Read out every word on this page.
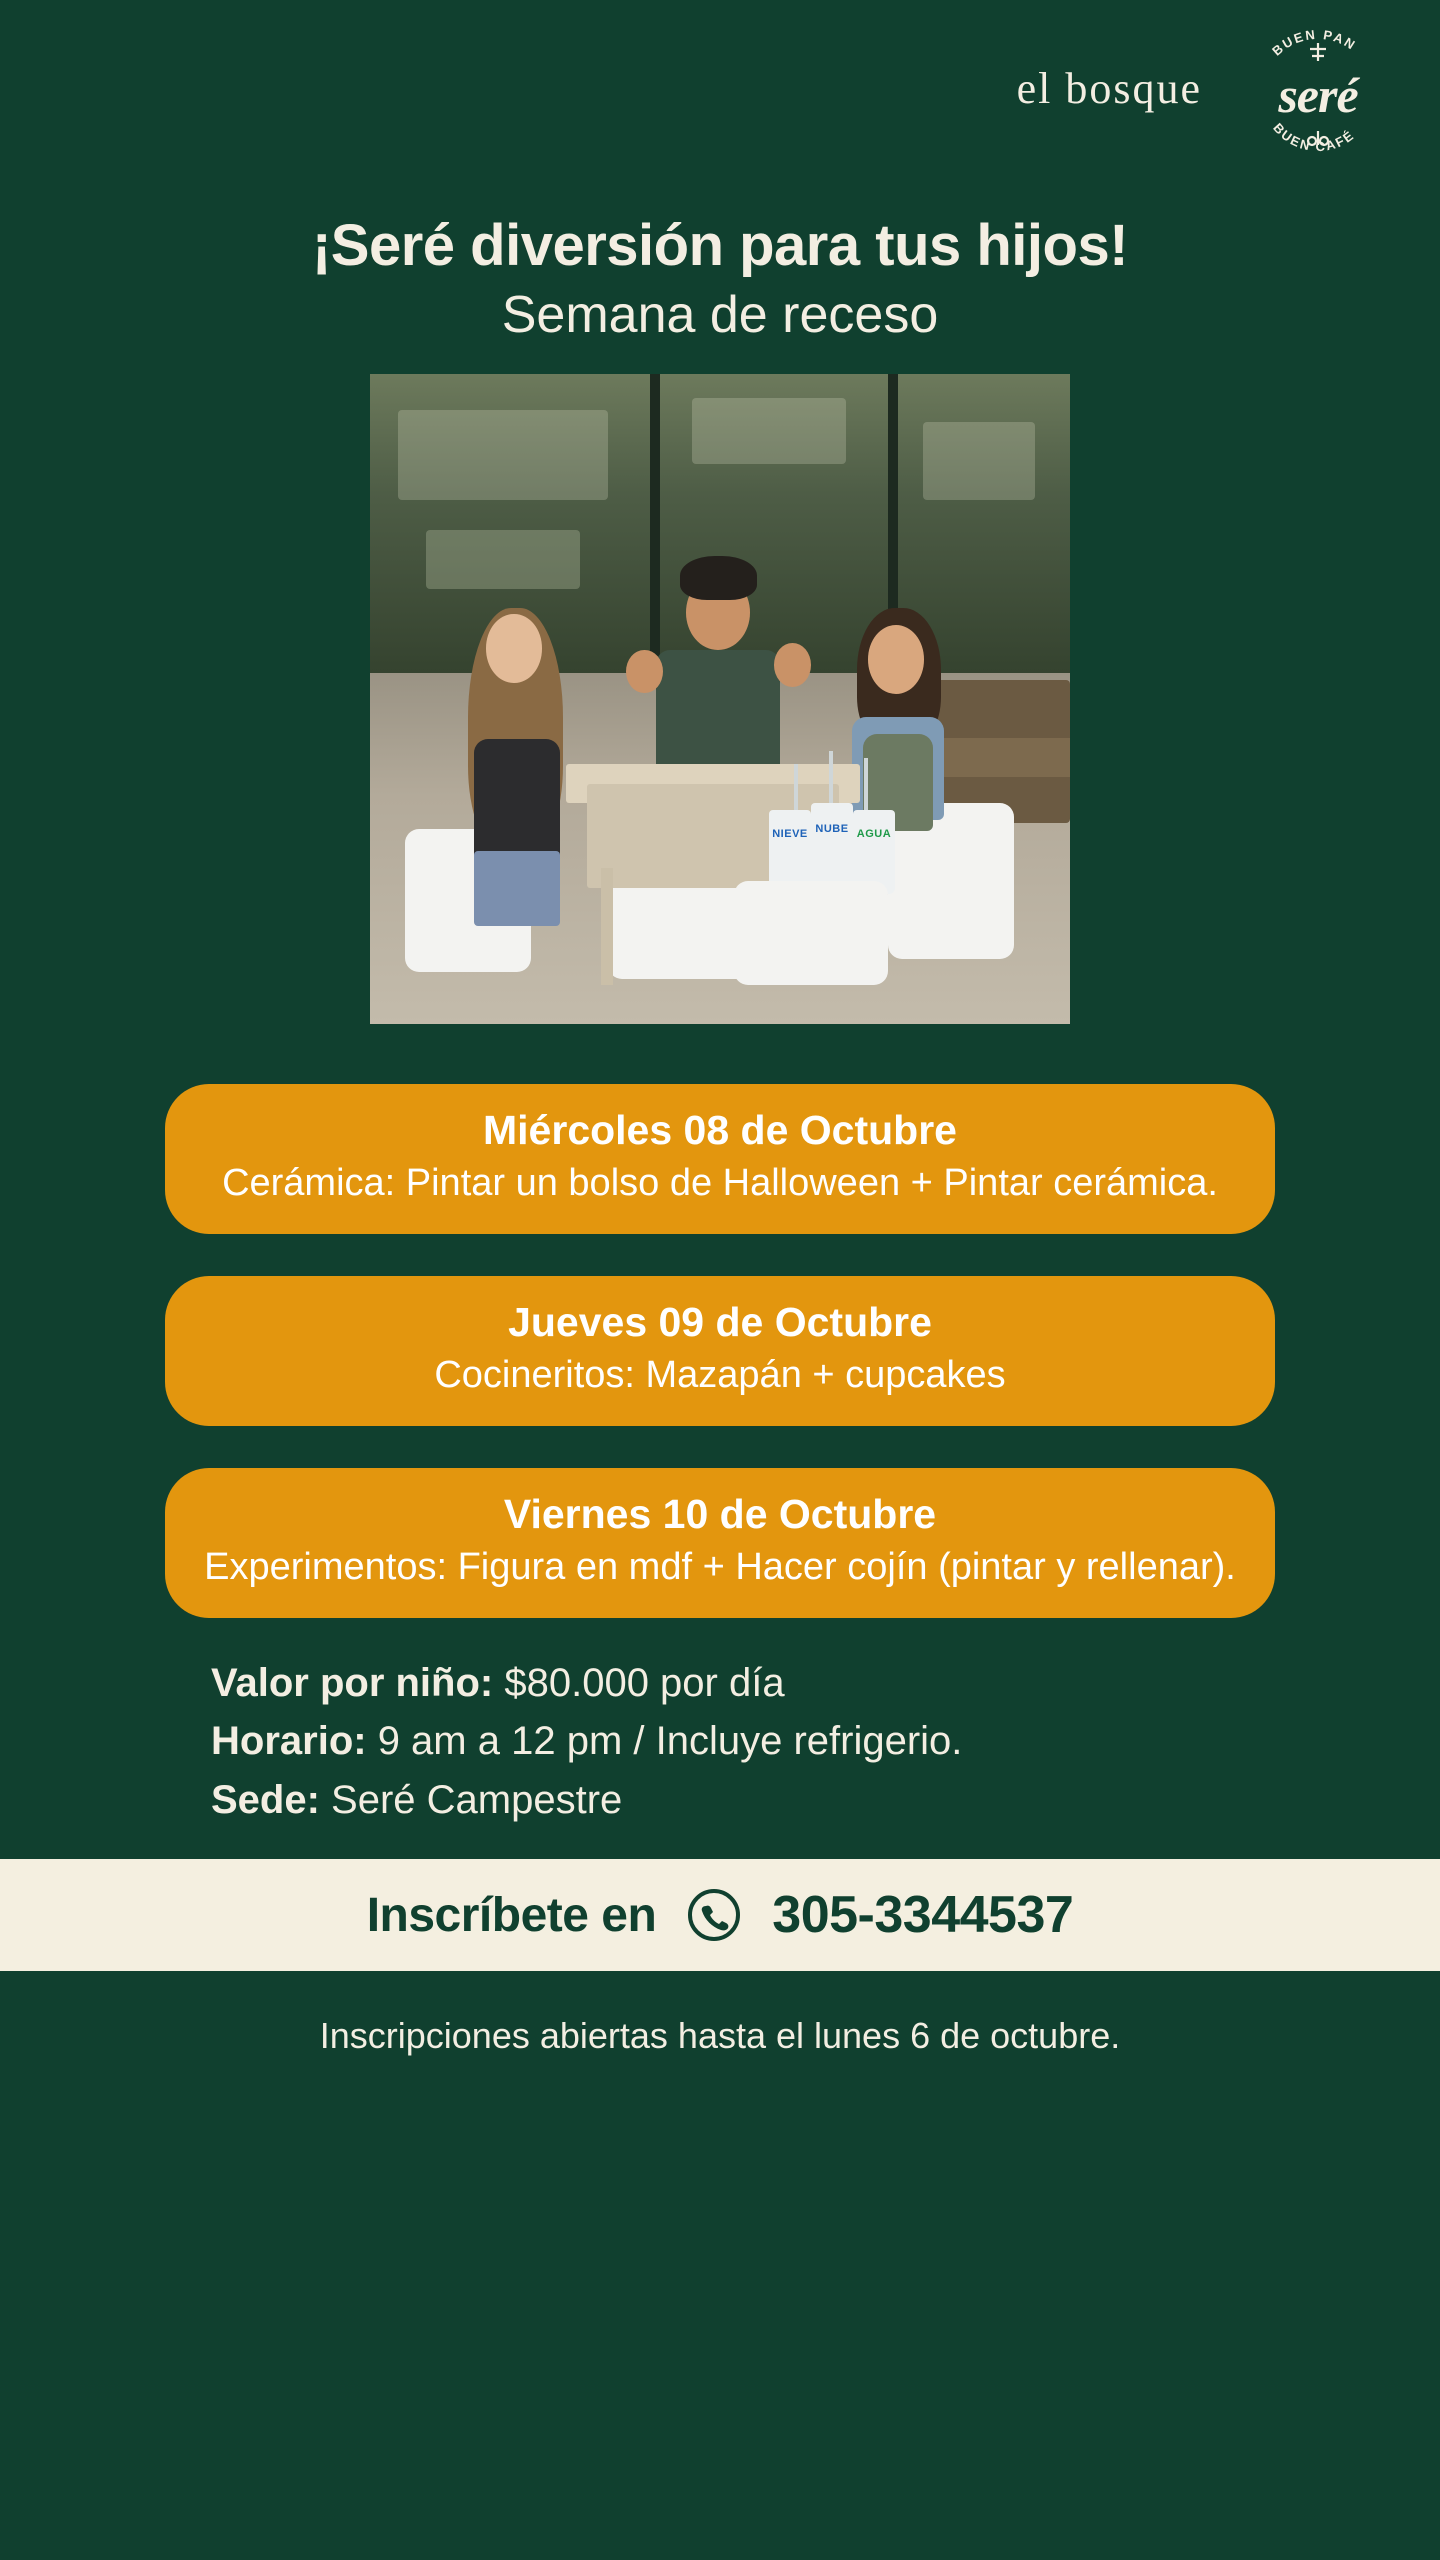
el bosque
BUEN PAN
BUEN CAFÉ
seré
¡Seré diversión para tus hijos!
Semana de receso
NIEVE NUBE AGUA
Miércoles 08 de Octubre
Cerámica: Pintar un bolso de Halloween + Pintar cerámica.
Jueves 09 de Octubre
Cocineritos: Mazapán + cupcakes
Viernes 10 de Octubre
Experimentos: Figura en mdf + Hacer cojín (pintar y rellenar).
Valor por niño: $80.000 por día
Horario: 9 am a 12 pm / Incluye refrigerio.
Sede: Seré Campestre
Inscríbete en 305-3344537
Inscripciones abiertas hasta el lunes 6 de octubre.
